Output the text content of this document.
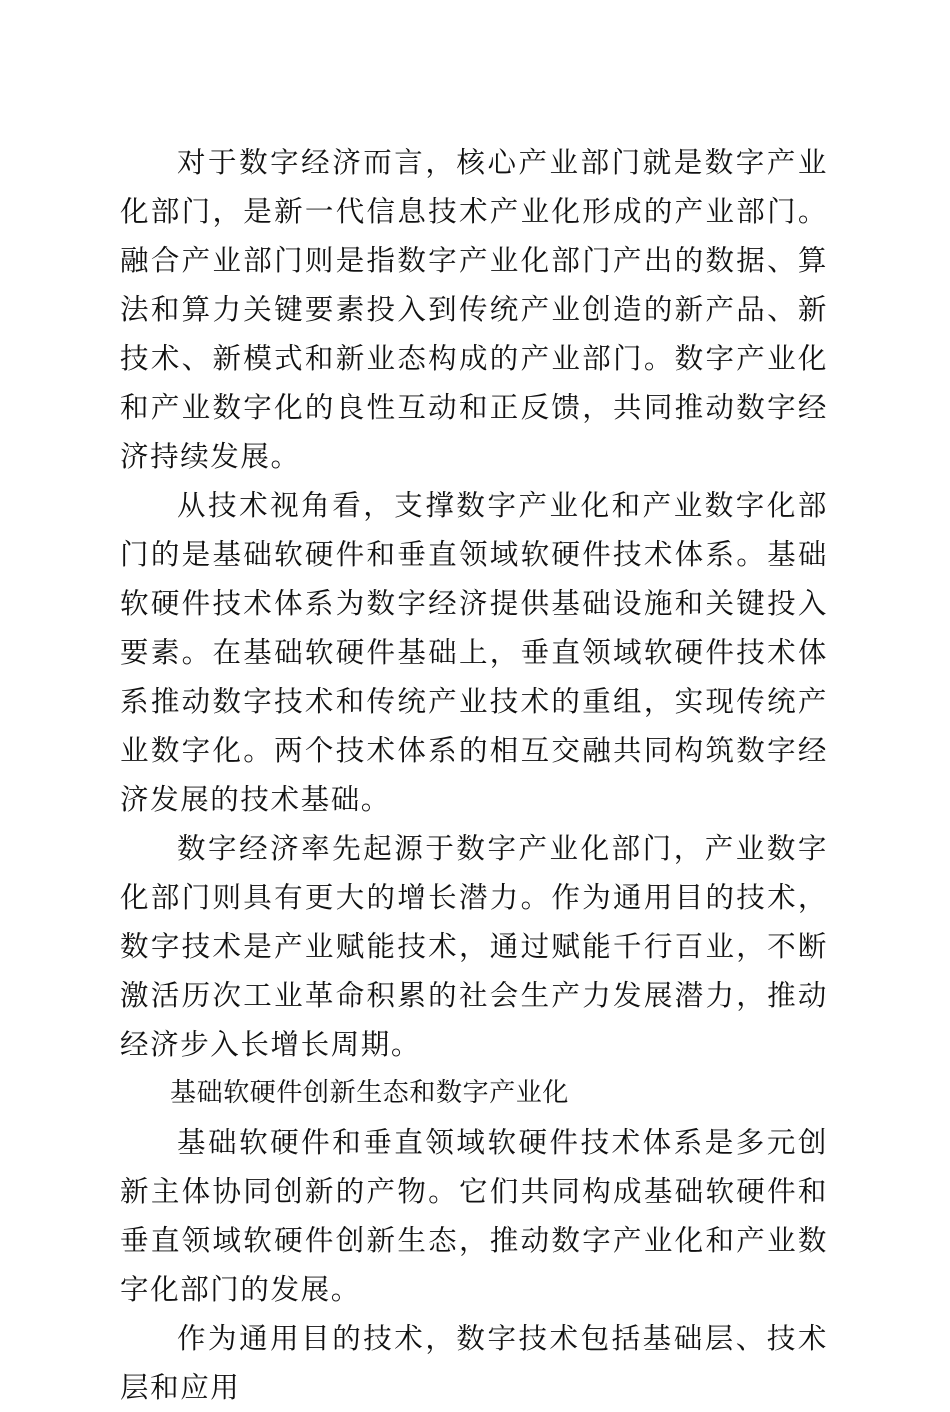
对于数字经济而言，核心产业部门就是数字产业化部门，是新一代信息技术产业化形成的产业部门。融合产业部门则是指数字产业化部门产出的数据、算法和算力关键要素投入到传统产业创造的新产品、新技术、新模式和新业态构成的产业部门。数字产业化和产业数字化的良性互动和正反馈，共同推动数字经济持续发展。

从技术视角看，支撑数字产业化和产业数字化部门的是基础软硬件和垂直领域软硬件技术体系。基础软硬件技术体系为数字经济提供基础设施和关键投入要素。在基础软硬件基础上，垂直领域软硬件技术体系推动数字技术和传统产业技术的重组，实现传统产业数字化。两个技术体系的相互交融共同构筑数字经济发展的技术基础。

数字经济率先起源于数字产业化部门，产业数字化部门则具有更大的增长潜力。作为通用目的技术，数字技术是产业赋能技术，通过赋能千行百业，不断激活历次工业革命积累的社会生产力发展潜力，推动经济步入长增长周期。

基础软硬件创新生态和数字产业化

基础软硬件和垂直领域软硬件技术体系是多元创新主体协同创新的产物。它们共同构成基础软硬件和垂直领域软硬件创新生态，推动数字产业化和产业数字化部门的发展。

作为通用目的技术，数字技术包括基础层、技术层和应用
